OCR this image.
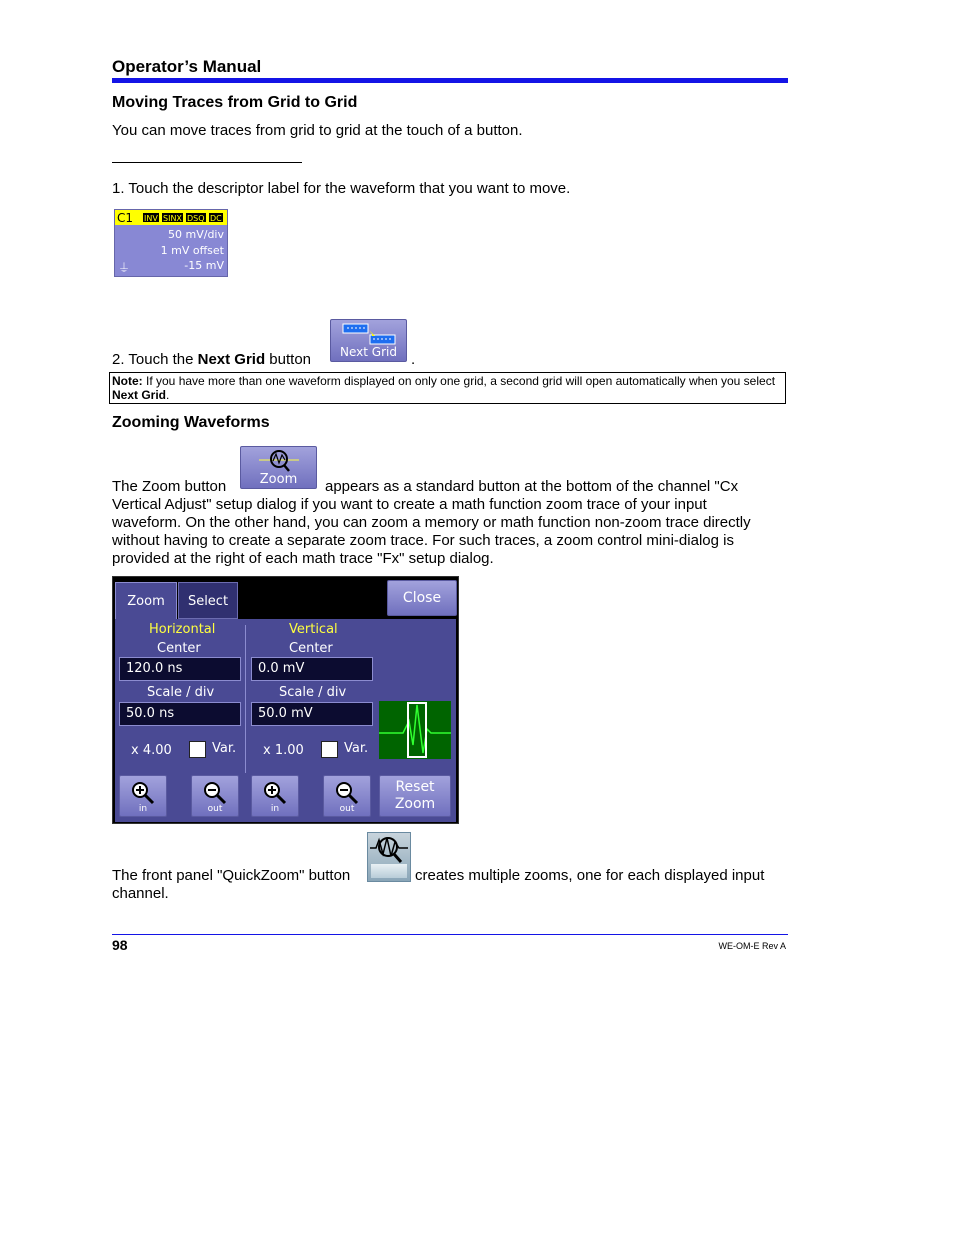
Operator’s Manual
Moving Traces from Grid to Grid
You can move traces from grid to grid at the touch of a button.
1. Touch the descriptor label for the waveform that you want to move.
C1 INV SINX DSQ DC
50 mV/div
1 mV offset
⏚	-15 mV
2. Touch the Next Grid button	Next Grid .
Note: If you have more than one waveform displayed on only one grid, a second grid will open automatically when you select Next Grid.
Zooming Waveforms
Zoom
The Zoom button	appears as a standard button at the bottom of the channel "Cx
Vertical Adjust" setup dialog if you want to create a math function zoom trace of your input
waveform. On the other hand, you can zoom a memory or math function non-zoom trace directly
without having to create a separate zoom trace. For such traces, a zoom control mini-dialog is
provided at the right of each math trace "Fx" setup dialog.
Zoom	Select	Close
Horizontal
Center
120.0 ns
Scale / div
50.0 ns
x 4.00	Var.
Vertical
Center
0.0 mV
Scale / div
50.0 mV
x 1.00	Var.
in	out	in	out
Reset
Zoom
The front panel "QuickZoom" button	creates multiple zooms, one for each displayed input
channel.
98	WE-OM-E Rev A
